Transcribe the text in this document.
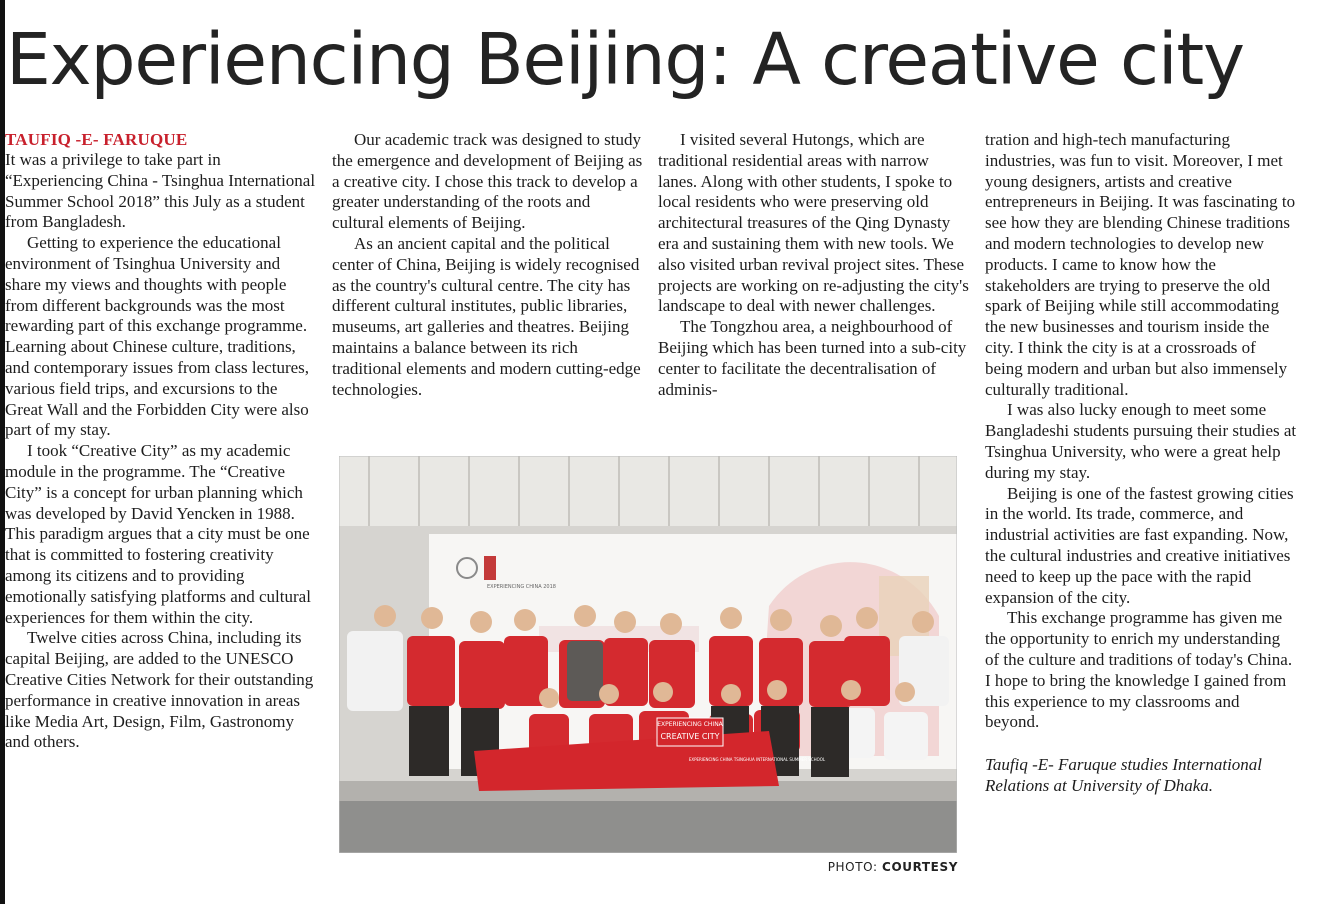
Experiencing Beijing: A creative city

TAUFIQ -E- FARUQUE

It was a privilege to take part in “Experiencing China - Tsinghua International Summer School 2018” this July as a student from Bangladesh.

Getting to experience the educational environment of Tsinghua University and share my views and thoughts with people from different backgrounds was the most rewarding part of this exchange programme. Learning about Chinese culture, traditions, and contemporary issues from class lectures, various field trips, and excursions to the Great Wall and the Forbidden City were also part of my stay.

I took “Creative City” as my academic module in the programme. The “Creative City” is a concept for urban planning which was developed by David Yencken in 1988. This paradigm argues that a city must be one that is committed to fostering creativity among its citizens and to providing emotionally satisfying platforms and cultural experiences for them within the city.

Twelve cities across China, including its capital Beijing, are added to the UNESCO Creative Cities Network for their outstanding performance in creative innovation in areas like Media Art, Design, Film, Gastronomy and others.

Our academic track was designed to study the emergence and development of Beijing as a creative city. I chose this track to develop a greater understanding of the roots and cultural elements of Beijing.

As an ancient capital and the political center of China, Beijing is widely recognised as the country's cultural centre. The city has different cultural institutes, public libraries, museums, art galleries and theatres. Beijing maintains a balance between its rich traditional elements and modern cutting-edge technologies.

I visited several Hutongs, which are traditional residential areas with narrow lanes. Along with other students, I spoke to local residents who were preserving old architectural treasures of the Qing Dynasty era and sustaining them with new tools. We also visited urban revival project sites. These projects are working on re-adjusting the city's landscape to deal with newer challenges.

The Tongzhou area, a neighbourhood of Beijing which has been turned into a sub-city center to facilitate the decentralisation of adminis-

tration and high-tech manufacturing industries, was fun to visit. Moreover, I met young designers, artists and creative entrepreneurs in Beijing. It was fascinating to see how they are blending Chinese traditions and modern technologies to develop new products. I came to know how the stakeholders are trying to preserve the old spark of Beijing while still accommodating the new businesses and tourism inside the city. I think the city is at a crossroads of being modern and urban but also immensely culturally traditional.

I was also lucky enough to meet some Bangladeshi students pursuing their studies at Tsinghua University, who were a great help during my stay.

Beijing is one of the fastest growing cities in the world. Its trade, commerce, and industrial activities are fast expanding. Now, the cultural industries and creative initiatives need to keep up the pace with the rapid expansion of the city.

This exchange programme has given me the opportunity to enrich my understanding of the culture and traditions of today's China. I hope to bring the knowledge I gained from this experience to my classrooms and beyond.

Taufiq -E- Faruque studies International Relations at University of Dhaka.

EXPERIENCING CHINA 2018
EXPERIENCING CHINA
CREATIVE CITY
EXPERIENCING CHINA TSINGHUA INTERNATIONAL SUMMER SCHOOL
PHOTO: COURTESY
